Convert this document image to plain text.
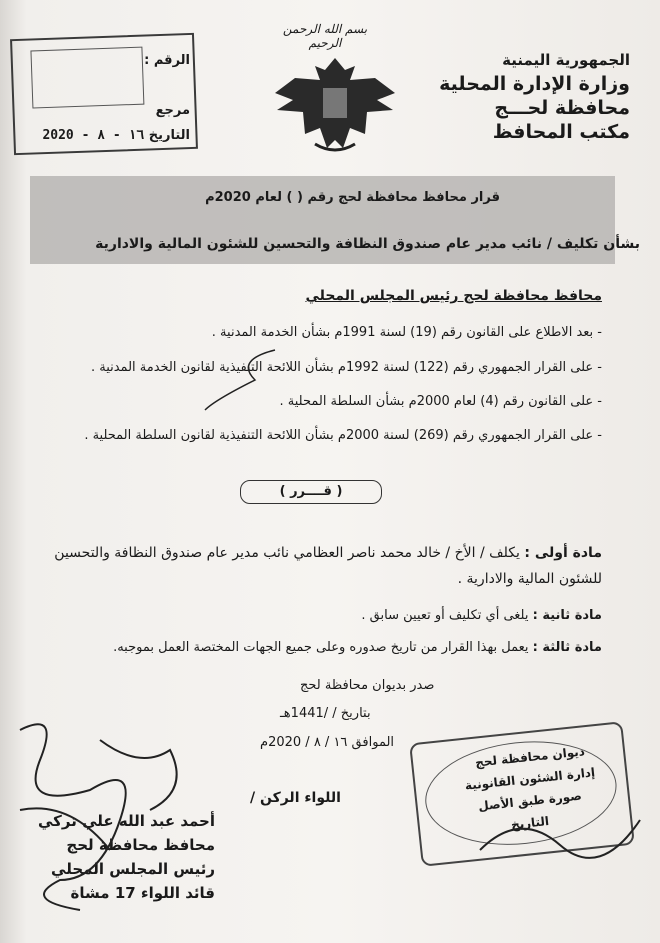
الجمهورية اليمنية
وزارة الإدارة المحلية
محافظة لحـــج
مكتب المحافظ
الرقم :
مرجع
التاريخ ١٦ - ٨ - 2020
بسم الله الرحمن الرحيم
قرار محافظ محافظة لحج رقم ( ) لعام 2020م
بشأن تكليف / نائب مدير عام صندوق النظافة والتحسين للشئون المالية والادارية
محافظ محافظة لحج رئيس المجلس المحلي
- بعد الاطلاع على القانون رقم (19) لسنة 1991م بشأن الخدمة المدنية .
- على القرار الجمهوري رقم (122) لسنة 1992م بشأن اللائحة التنفيذية لقانون الخدمة المدنية .
- على القانون رقم (4) لعام 2000م بشأن السلطة المحلية .
- على القرار الجمهوري رقم (269) لسنة 2000م بشأن اللائحة التنفيذية لقانون السلطة المحلية .
( قــــرر )
مادة أولى : يكلف / الأخ / خالد محمد ناصر العظامي نائب مدير عام صندوق النظافة والتحسين للشئون المالية والادارية .
مادة ثانية : يلغى أي تكليف أو تعيين سابق .
مادة ثالثة : يعمل بهذا القرار من تاريخ صدوره وعلى جميع الجهات المختصة العمل بموجبه.
صدر بديوان محافظة لحج
بتاريخ / /1441هـ
الموافق ١٦ / ٨ / 2020م
ديوان محافظة لحج
إدارة الشئون القانونية
صورة طبق الأصل
التاريخ
اللواء الركن /
أحمد عبد الله علي تركي
محافظ محافظة لحج
رئيس المجلس المحلي
قائد اللواء 17 مشاة
